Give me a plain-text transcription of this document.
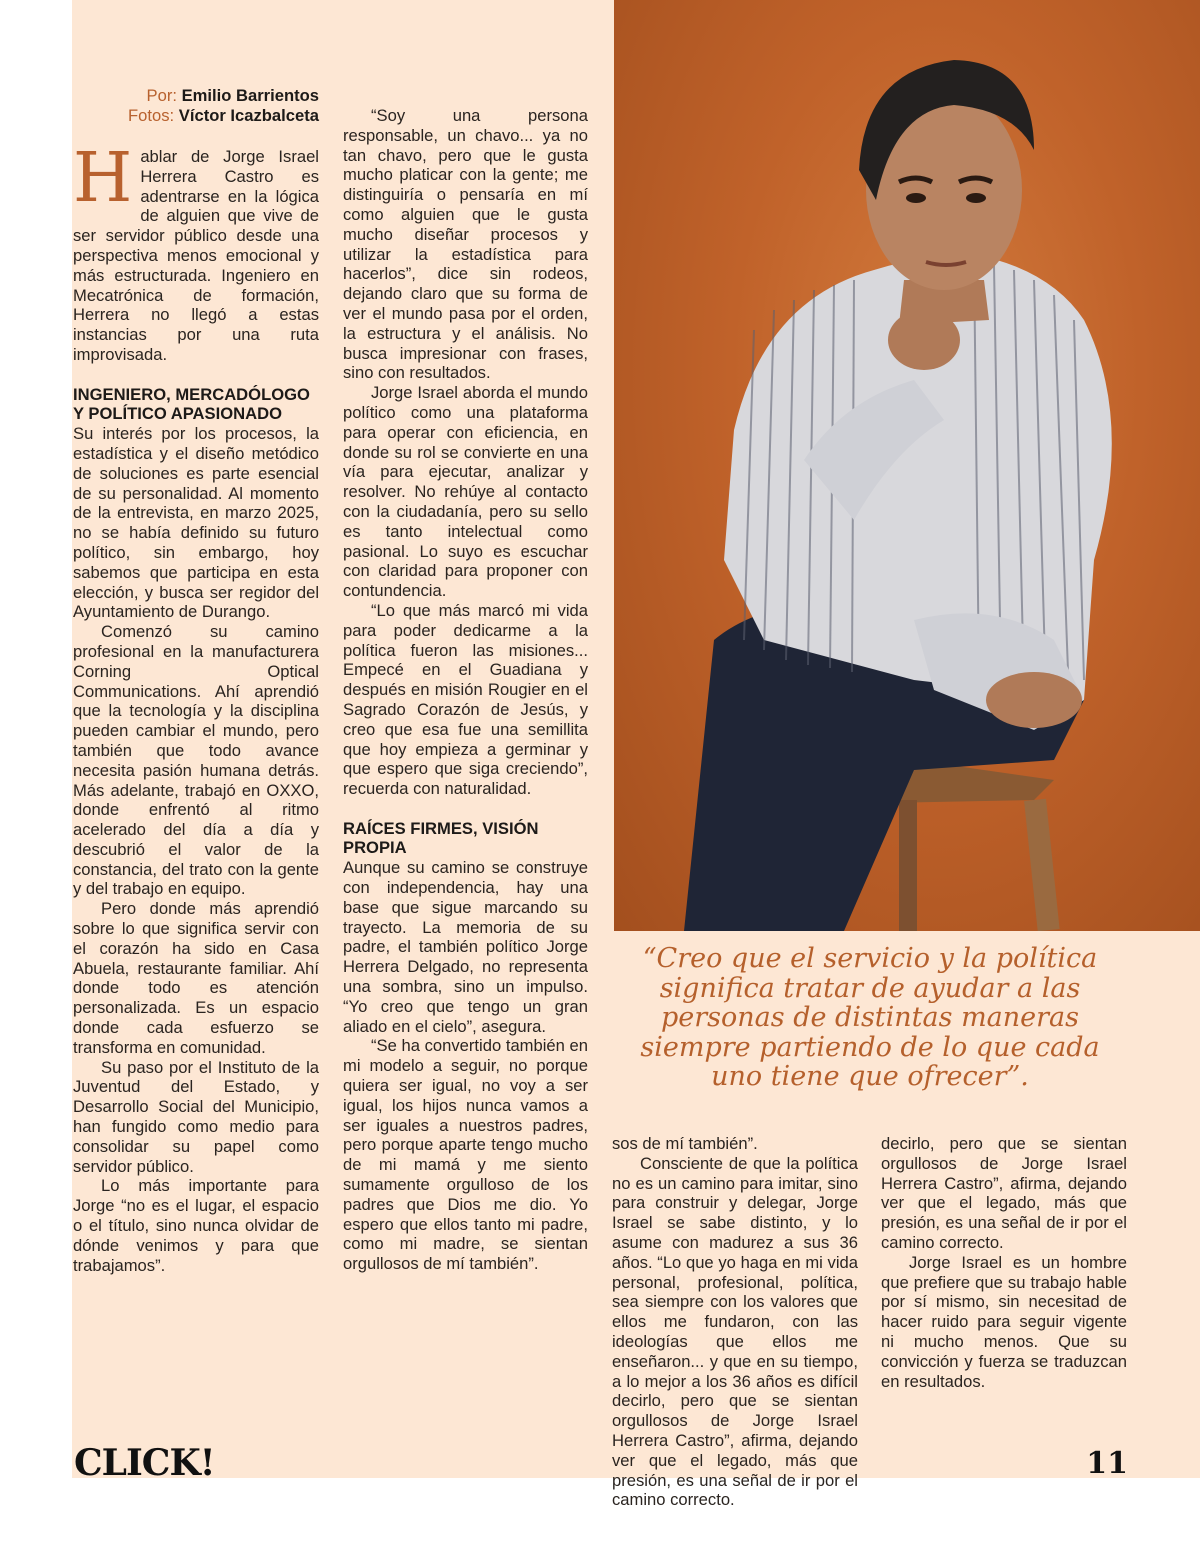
Por: Emilio Barrientos

Fotos: Víctor Icazbalceta

H ablar de Jorge Israel Herrera Castro es adentrarse en la lógica de alguien que vive de ser servidor público desde una perspectiva menos emocional y más estructurada. Ingeniero en Mecatrónica de formación, Herrera no llegó a estas instancias por una ruta improvisada.

INGENIERO, MERCADÓLOGO Y POLÍTICO APASIONADO

Su interés por los procesos, la estadística y el diseño metódico de soluciones es parte esencial de su personalidad. Al momento de la entrevista, en marzo 2025, no se había definido su futuro político, sin embargo, hoy sabemos que participa en esta elección, y busca ser regidor del Ayuntamiento de Durango.

Comenzó su camino profesional en la manufacturera Corning Optical Communications. Ahí aprendió que la tecnología y la disciplina pueden cambiar el mundo, pero también que todo avance necesita pasión humana detrás. Más adelante, trabajó en OXXO, donde enfrentó al ritmo acelerado del día a día y descubrió el valor de la constancia, del trato con la gente y del trabajo en equipo.

Pero donde más aprendió sobre lo que significa servir con el corazón ha sido en Casa Abuela, restaurante familiar. Ahí donde todo es atención personalizada. Es un espacio donde cada esfuerzo se transforma en comunidad.

Su paso por el Instituto de la Juventud del Estado, y Desarrollo Social del Municipio, han fungido como medio para consolidar su papel como servidor público.

Lo más importante para Jorge “no es el lugar, el espacio o el título, sino nunca olvidar de dónde venimos y para que trabajamos”.

“Soy una persona responsable, un chavo... ya no tan chavo, pero que le gusta mucho platicar con la gente; me distinguiría o pensaría en mí como alguien que le gusta mucho diseñar procesos y utilizar la estadística para hacerlos”, dice sin rodeos, dejando claro que su forma de ver el mundo pasa por el orden, la estructura y el análisis. No busca impresionar con frases, sino con resultados.

Jorge Israel aborda el mundo político como una plataforma para operar con eficiencia, en donde su rol se convierte en una vía para ejecutar, analizar y resolver. No rehúye al contacto con la ciudadanía, pero su sello es tanto intelectual como pasional. Lo suyo es escuchar con claridad para proponer con contundencia.

“Lo que más marcó mi vida para poder dedicarme a la política fueron las misiones... Empecé en el Guadiana y después en misión Rougier en el Sagrado Corazón de Jesús, y creo que esa fue una semillita que hoy empieza a germinar y que espero que siga creciendo”, recuerda con naturalidad.

RAÍCES FIRMES, VISIÓN PROPIA

Aunque su camino se construye con independencia, hay una base que sigue marcando su trayecto. La memoria de su padre, el también político Jorge Herrera Delgado, no representa una sombra, sino un impulso. “Yo creo que tengo un gran aliado en el cielo”, asegura.

“Se ha convertido también en mi modelo a seguir, no porque quiera ser igual, no voy a ser igual, los hijos nunca vamos a ser iguales a nuestros padres, pero porque aparte tengo mucho de mi mamá y me siento sumamente orgulloso de los padres que Dios me dio. Yo espero que ellos tanto mi padre, como mi madre, se sientan orgullosos de mí también”.

“Creo que el servicio y la política significa tratar de ayudar a las personas de distintas maneras siempre partiendo de lo que cada uno tiene que ofrecer”.

sos de mí también”.

Consciente de que la política no es un camino para imitar, sino para construir y delegar, Jorge Israel se sabe distinto, y lo asume con madurez a sus 36 años. “Lo que yo haga en mi vida personal, profesional, política, sea siempre con los valores que ellos me fundaron, con las ideologías que ellos me enseñaron... y que en su tiempo, a lo mejor a los 36 años es difícil decirlo, pero que se sientan orgullosos de Jorge Israel Herrera Castro”, afirma, dejando ver que el legado, más que presión, es una señal de ir por el camino correcto.

decirlo, pero que se sientan orgullosos de Jorge Israel Herrera Castro”, afirma, dejando ver que el legado, más que presión, es una señal de ir por el camino correcto.

Jorge Israel es un hombre que prefiere que su trabajo hable por sí mismo, sin necesitad de hacer ruido para seguir vigente ni mucho menos. Que su convicción y fuerza se traduzcan en resultados.

CLICK!	11
